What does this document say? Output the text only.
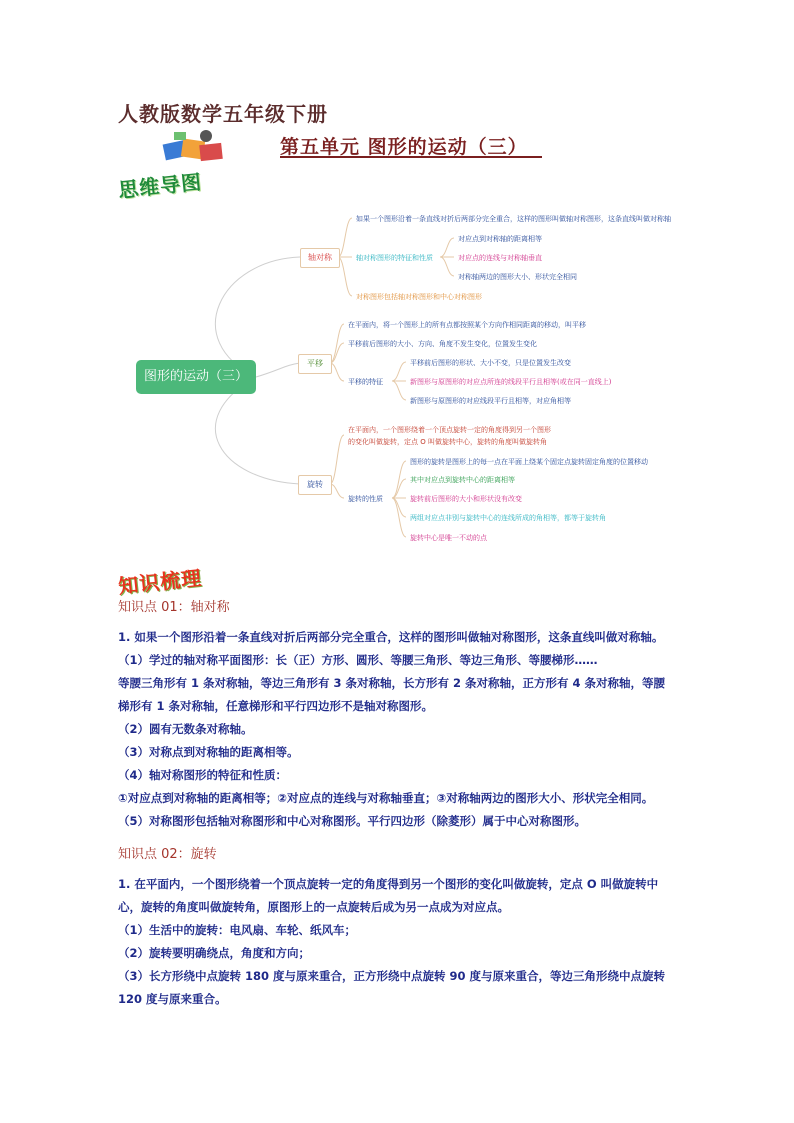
人教版数学五年级下册
第五单元 图形的运动（三）
思维导图
图形的运动（三）
轴对称
如果一个图形沿着一条直线对折后两部分完全重合，这样的图形叫做轴对称图形，这条直线叫做对称轴
轴对称图形的特征和性质
对称图形包括轴对称图形和中心对称图形
对应点到对称轴的距离相等
对应点的连线与对称轴垂直
对称轴两边的图形大小、形状完全相同
平移
在平面内，将一个图形上的所有点都按照某个方向作相同距离的移动，叫平移
平移前后图形的大小、方向、角度不发生变化，位置发生变化
平移的特征
平移前后图形的形状、大小不变，只是位置发生改变
新图形与原图形的对应点所连的线段平行且相等(或在同一直线上)
新图形与原图形的对应线段平行且相等，对应角相等
旋转
在平面内，一个图形绕着一个顶点旋转一定的角度得到另一个图形
的变化叫做旋转，定点 O 叫做旋转中心，旋转的角度叫做旋转角
旋转的性质
图形的旋转是图形上的每一点在平面上绕某个固定点旋转固定角度的位置移动
其中对应点到旋转中心的距离相等
旋转前后图形的大小和形状没有改变
两组对应点非别与旋转中心的连线所成的角相等，都等于旋转角
旋转中心是唯一不动的点
知识梳理
知识点 01：轴对称
1. 如果一个图形沿着一条直线对折后两部分完全重合，这样的图形叫做轴对称图形，这条直线叫做对称轴。
（1）学过的轴对称平面图形：长（正）方形、圆形、等腰三角形、等边三角形、等腰梯形……
等腰三角形有 1 条对称轴，等边三角形有 3 条对称轴，长方形有 2 条对称轴，正方形有 4 条对称轴，等腰
梯形有 1 条对称轴，任意梯形和平行四边形不是轴对称图形。
（2）圆有无数条对称轴。
（3）对称点到对称轴的距离相等。
（4）轴对称图形的特征和性质：
①对应点到对称轴的距离相等；②对应点的连线与对称轴垂直；③对称轴两边的图形大小、形状完全相同。
（5）对称图形包括轴对称图形和中心对称图形。平行四边形（除菱形）属于中心对称图形。
知识点 02：旋转
1. 在平面内，一个图形绕着一个顶点旋转一定的角度得到另一个图形的变化叫做旋转，定点 O 叫做旋转中
心，旋转的角度叫做旋转角，原图形上的一点旋转后成为另一点成为对应点。
（1）生活中的旋转：电风扇、车轮、纸风车；
（2）旋转要明确绕点，角度和方向；
（3）长方形绕中点旋转 180 度与原来重合，正方形绕中点旋转 90 度与原来重合，等边三角形绕中点旋转
120 度与原来重合。
